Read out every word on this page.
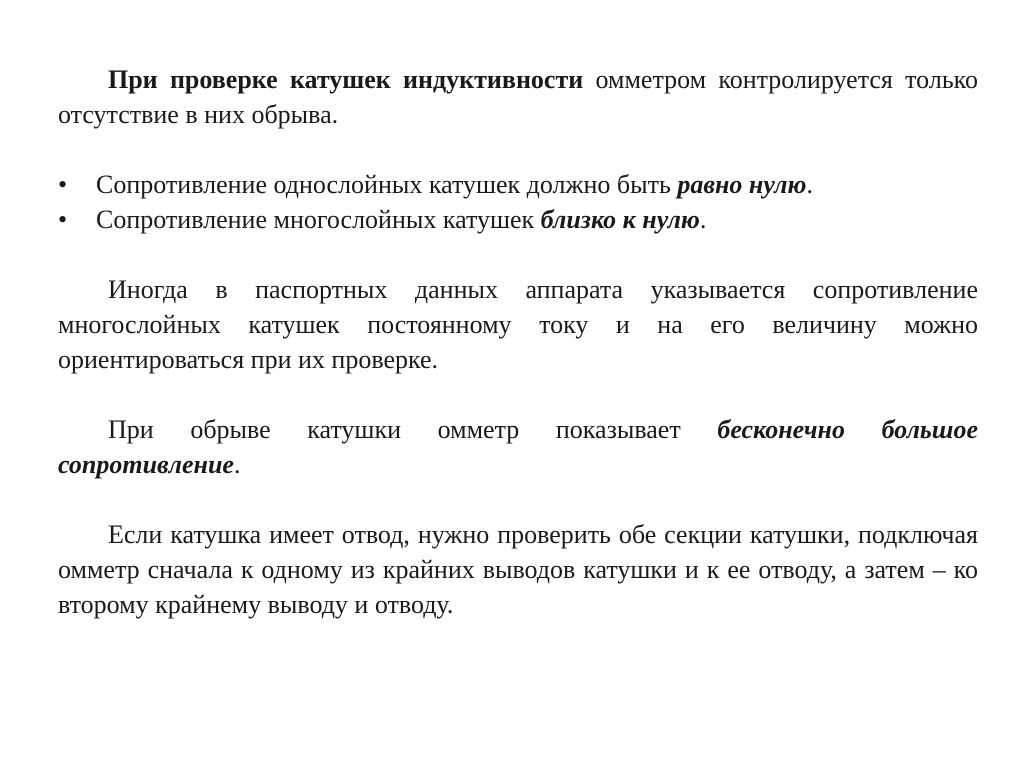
При проверке катушек индуктивности омметром контролируется только отсутствие в них обрыва.

• Сопротивление однослойных катушек должно быть равно нулю.
• Сопротивление многослойных катушек близко к нулю.

Иногда в паспортных данных аппарата указывается сопротивление многослойных катушек постоянному току и на его величину можно ориентироваться при их проверке.

При обрыве катушки омметр показывает бесконечно большое сопротивление.

Если катушка имеет отвод, нужно проверить обе секции катушки, подключая омметр сначала к одному из крайних выводов катушки и к ее отводу, а затем – ко второму крайнему выводу и отводу.
